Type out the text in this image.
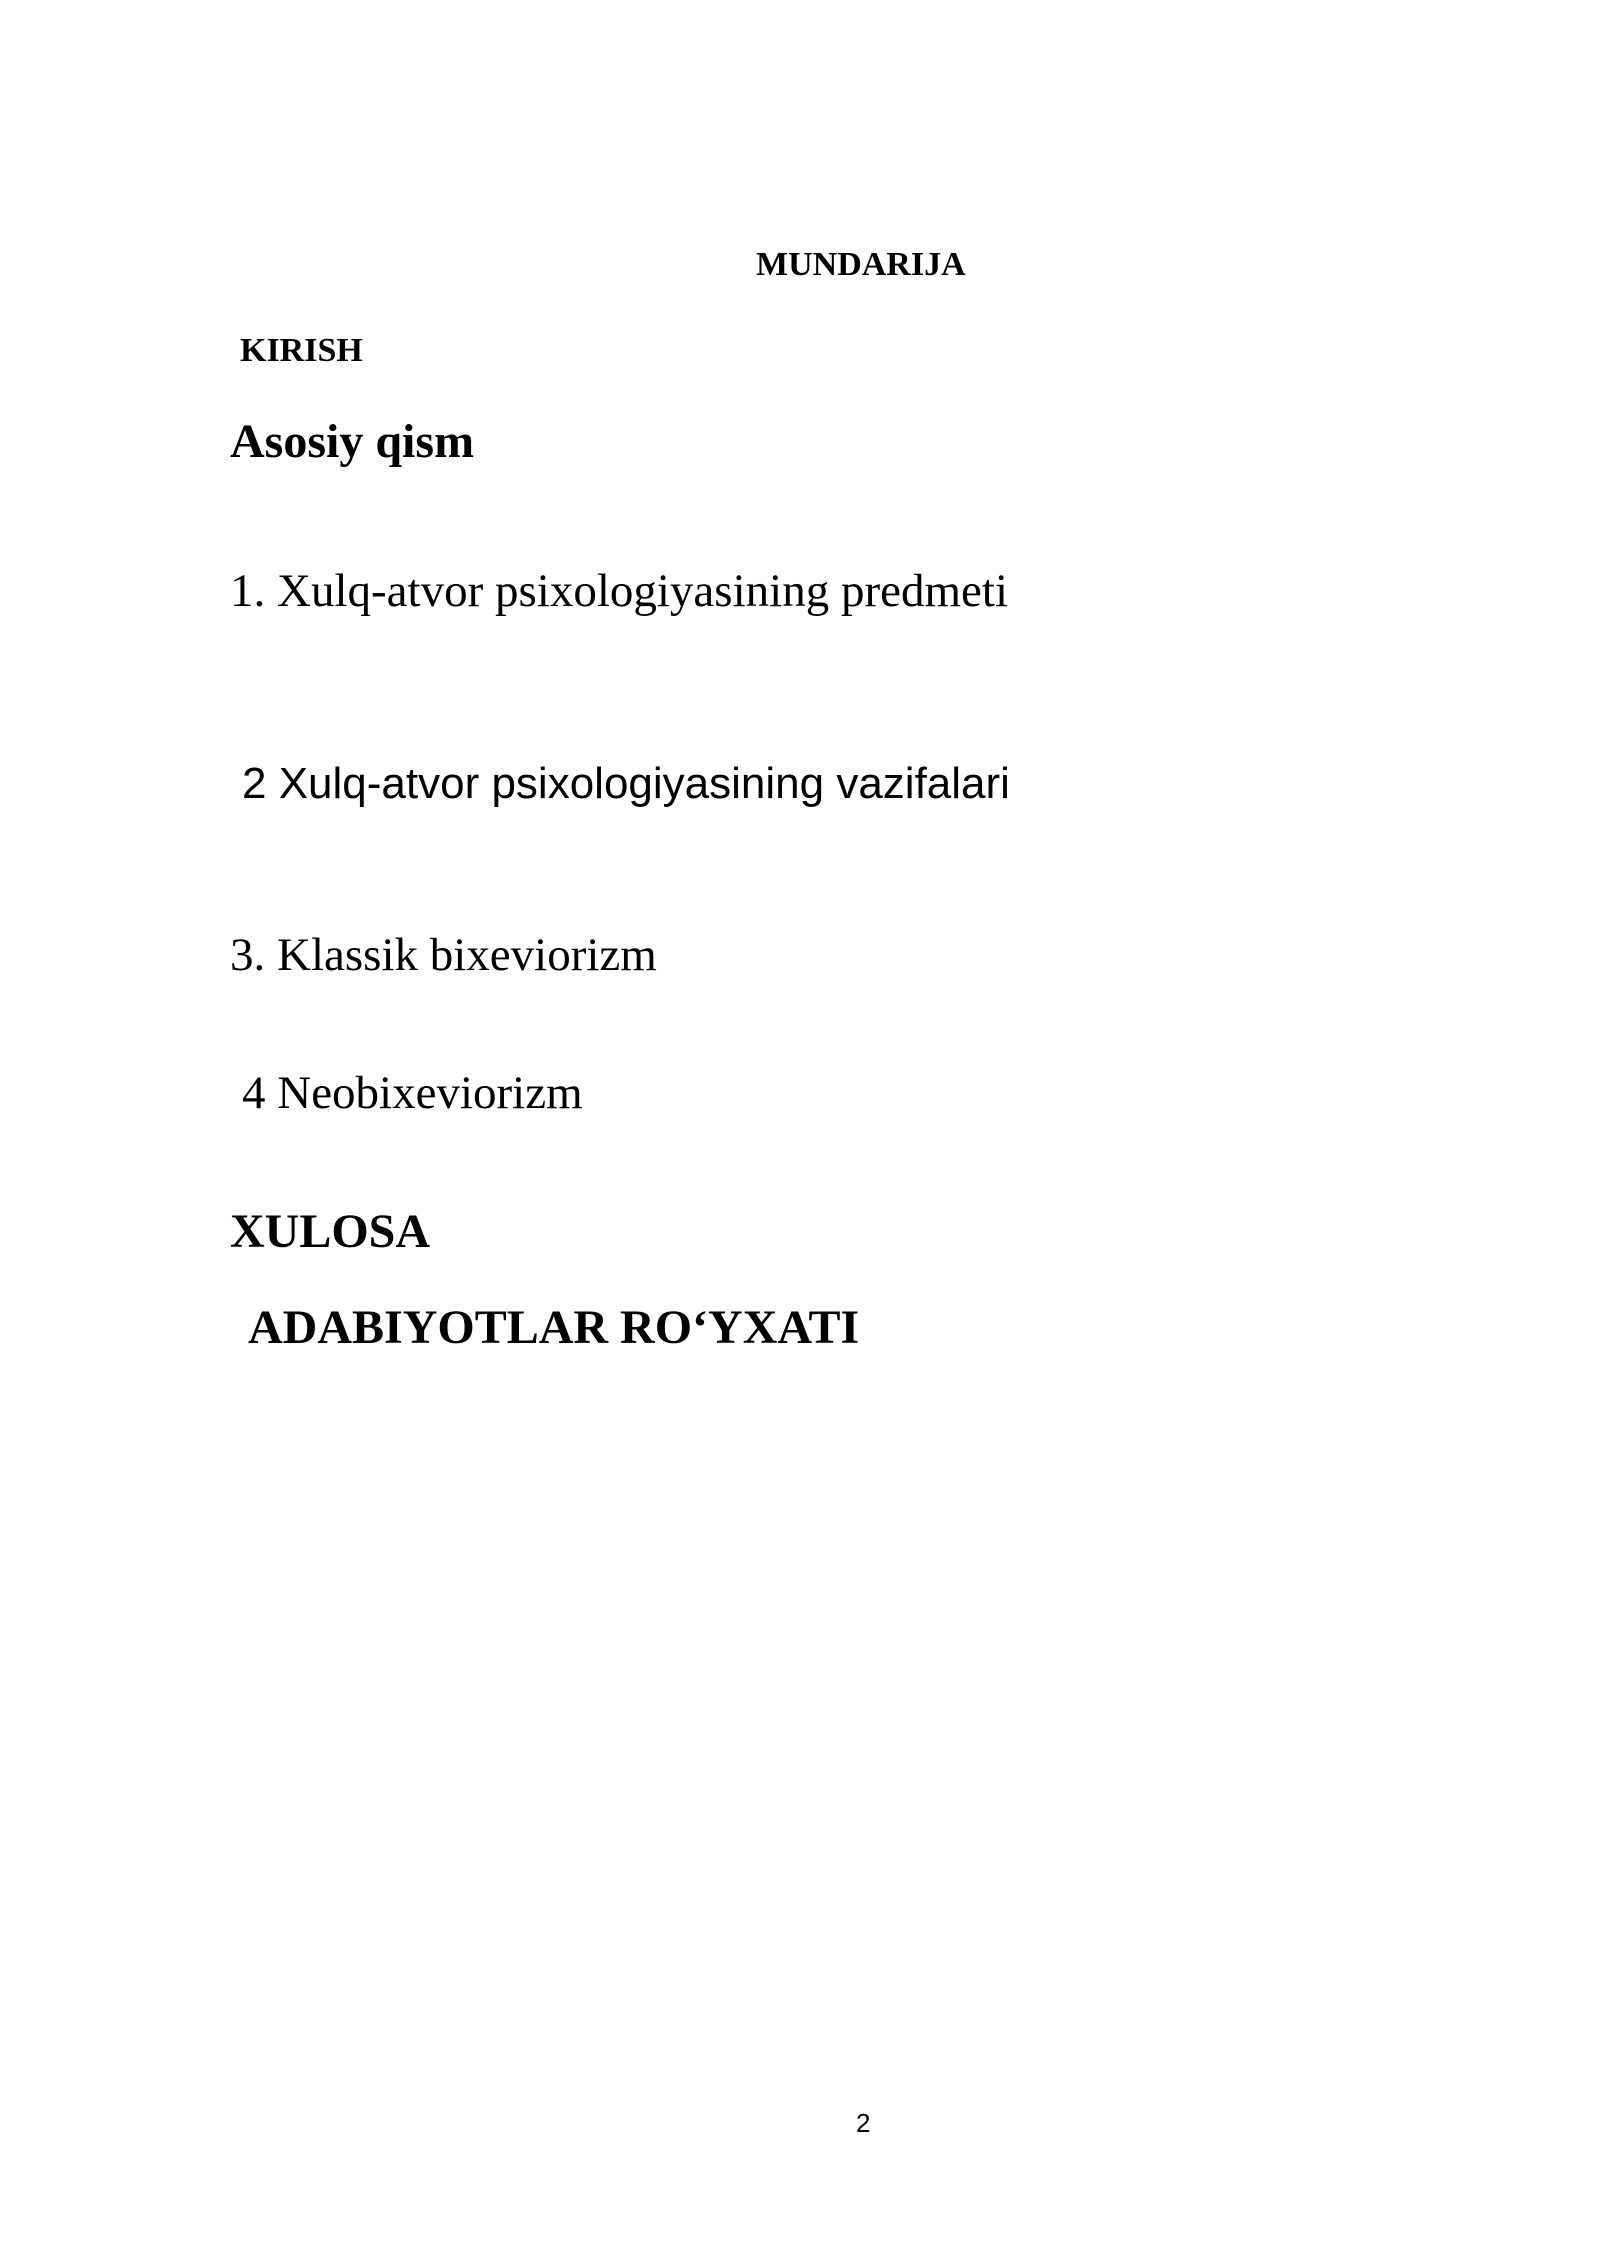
MUNDARIJA
KIRISH
Asosiy qism
1. Xulq-atvor psixologiyasining predmeti
2 Xulq-atvor psixologiyasining vazifalari
3. Klassik bixeviorizm
4 Neobixeviorizm
XULOSA
ADABIYOTLAR RO‘YXATI
2
